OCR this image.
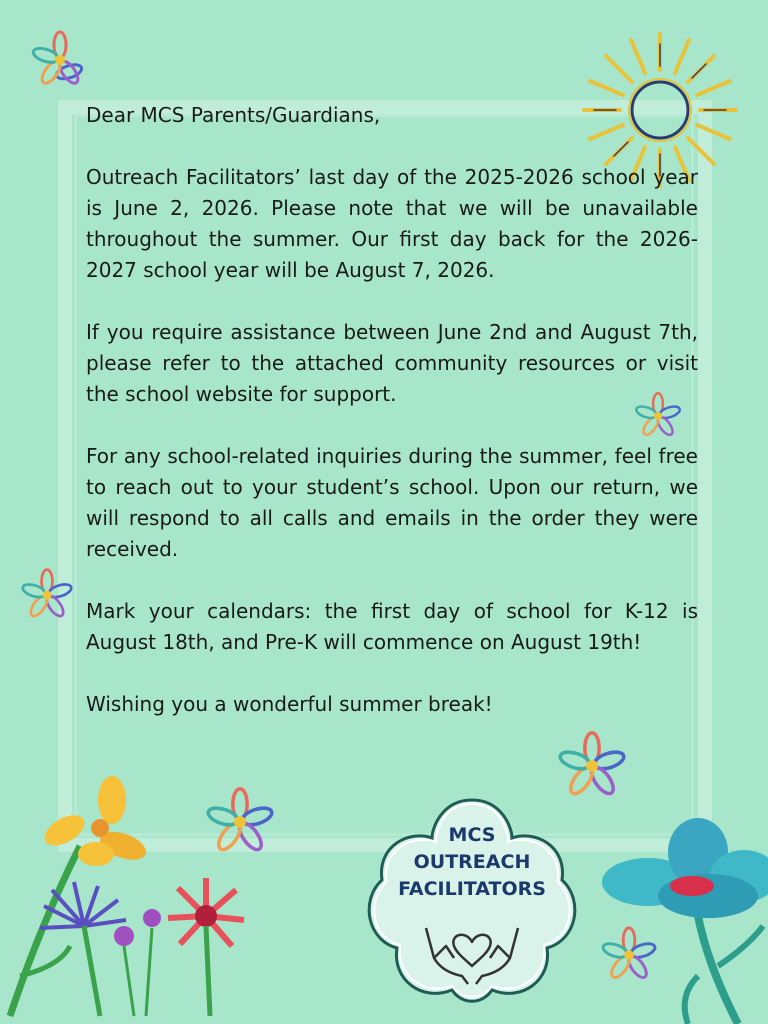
Dear MCS Parents/Guardians,

Outreach Facilitators’ last day of the 2025-2026 school year is June 2, 2026. Please note that we will be unavailable throughout the summer. Our first day back for the 2026-2027 school year will be August 7, 2026.

If you require assistance between June 2nd and August 7th, please refer to the attached community resources or visit the school website for support.

For any school-related inquiries during the summer, feel free to reach out to your student’s school. Upon our return, we will respond to all calls and emails in the order they were received.

Mark your calendars: the first day of school for K-12 is August 18th, and Pre-K will commence on August 19th!

Wishing you a wonderful summer break!

MCS
OUTREACH
FACILITATORS
